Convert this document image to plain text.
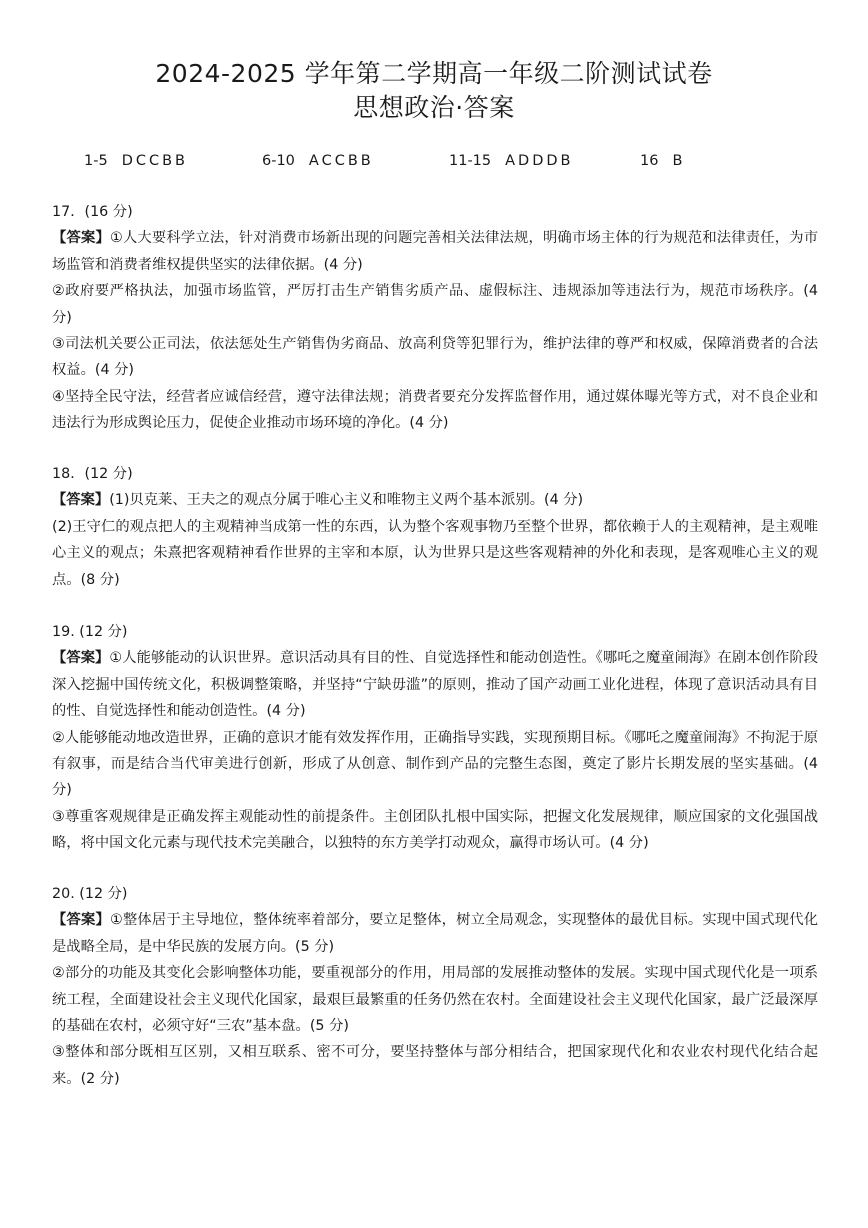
2024-2025 学年第二学期高一年级二阶测试试卷
思想政治·答案
1-5 DCCBB	6-10 ACCBB	11-15 ADDDB	16 B

17．(16 分)

【答案】①人大要科学立法，针对消费市场新出现的问题完善相关法律法规，明确市场主体的行为规范和法律责任，为市场监管和消费者维权提供坚实的法律依据。(4 分)

②政府要严格执法，加强市场监管，严厉打击生产销售劣质产品、虚假标注、违规添加等违法行为，规范市场秩序。(4 分)

③司法机关要公正司法，依法惩处生产销售伪劣商品、放高利贷等犯罪行为，维护法律的尊严和权威，保障消费者的合法权益。(4 分)

④坚持全民守法，经营者应诚信经营，遵守法律法规；消费者要充分发挥监督作用，通过媒体曝光等方式，对不良企业和违法行为形成舆论压力，促使企业推动市场环境的净化。(4 分)

18．(12 分)

【答案】(1)贝克莱、王夫之的观点分属于唯心主义和唯物主义两个基本派别。(4 分)

(2)王守仁的观点把人的主观精神当成第一性的东西，认为整个客观事物乃至整个世界，都依赖于人的主观精神，是主观唯心主义的观点；朱熹把客观精神看作世界的主宰和本原，认为世界只是这些客观精神的外化和表现，是客观唯心主义的观点。(8 分)

19. (12 分)

【答案】①人能够能动的认识世界。意识活动具有目的性、自觉选择性和能动创造性。《哪吒之魔童闹海》在剧本创作阶段深入挖掘中国传统文化，积极调整策略，并坚持“宁缺毋滥”的原则，推动了国产动画工业化进程，体现了意识活动具有目的性、自觉选择性和能动创造性。(4 分)

②人能够能动地改造世界，正确的意识才能有效发挥作用，正确指导实践，实现预期目标。《哪吒之魔童闹海》不拘泥于原有叙事，而是结合当代审美进行创新，形成了从创意、制作到产品的完整生态图，奠定了影片长期发展的坚实基础。(4 分)

③尊重客观规律是正确发挥主观能动性的前提条件。主创团队扎根中国实际，把握文化发展规律，顺应国家的文化强国战略，将中国文化元素与现代技术完美融合，以独特的东方美学打动观众，赢得市场认可。(4 分)

20. (12 分)

【答案】①整体居于主导地位，整体统率着部分，要立足整体，树立全局观念，实现整体的最优目标。实现中国式现代化是战略全局，是中华民族的发展方向。(5 分)

②部分的功能及其变化会影响整体功能，要重视部分的作用，用局部的发展推动整体的发展。实现中国式现代化是一项系统工程，全面建设社会主义现代化国家，最艰巨最繁重的任务仍然在农村。全面建设社会主义现代化国家，最广泛最深厚的基础在农村，必须守好“三农”基本盘。(5 分)

③整体和部分既相互区别，又相互联系、密不可分，要坚持整体与部分相结合，把国家现代化和农业农村现代化结合起来。(2 分)
